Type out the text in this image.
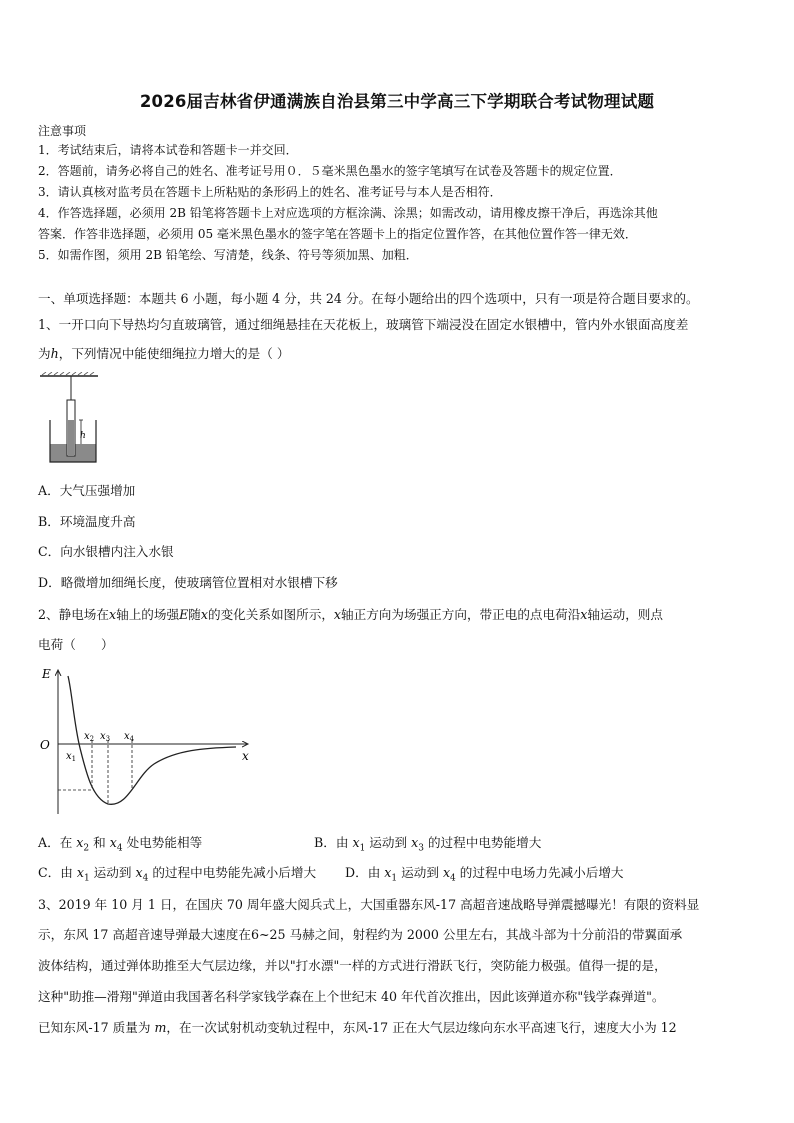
2026届吉林省伊通满族自治县第三中学高三下学期联合考试物理试题
注意事项
1．考试结束后，请将本试卷和答题卡一并交回．
2．答题前，请务必将自己的姓名、准考证号用０．５毫米黑色墨水的签字笔填写在试卷及答题卡的规定位置．
3．请认真核对监考员在答题卡上所粘贴的条形码上的姓名、准考证号与本人是否相符．
4．作答选择题，必须用 2B 铅笔将答题卡上对应选项的方框涂满、涂黑；如需改动，请用橡皮擦干净后，再选涂其他
答案．作答非选择题，必须用 05 毫米黑色墨水的签字笔在答题卡上的指定位置作答，在其他位置作答一律无效．
5．如需作图，须用 2B 铅笔绘、写清楚，线条、符号等须加黑、加粗．
一、单项选择题：本题共 6 小题，每小题 4 分，共 24 分。在每小题给出的四个选项中，只有一项是符合题目要求的。
1、一开口向下导热均匀直玻璃管，通过细绳悬挂在天花板上，玻璃管下端浸没在固定水银槽中，管内外水银面高度差
为h，下列情况中能使细绳拉力增大的是（ ）
h
A．大气压强增加
B．环境温度升高
C．向水银槽内注入水银
D．略微增加细绳长度，使玻璃管位置相对水银槽下移
2、静电场在x轴上的场强E随x的变化关系如图所示，x轴正方向为场强正方向，带正电的点电荷沿x轴运动，则点
电荷（　　）
E
O
x
$x_1$
$x_2$ $x_3$ $x_4$
A．在 $x_2$ 和 $x_4$ 处电势能相等	B．由 $x_1$ 运动到 $x_3$ 的过程中电势能增大
C．由 $x_1$ 运动到 $x_4$ 的过程中电势能先减小后增大 D．由 $x_1$ 运动到 $x_4$ 的过程中电场力先减小后增大
3、2019 年 10 月 1 日，在国庆 70 周年盛大阅兵式上，大国重器东风-17 高超音速战略导弹震撼曝光！有限的资料显
示，东风 17 高超音速导弹最大速度在6~25 马赫之间，射程约为 2000 公里左右，其战斗部为十分前沿的带翼面承
波体结构，通过弹体助推至大气层边缘，并以"打水漂"一样的方式进行滑跃飞行，突防能力极强。值得一提的是，
这种"助推—滑翔"弹道由我国著名科学家钱学森在上个世纪末 40 年代首次推出，因此该弹道亦称"钱学森弹道"。
已知东风-17 质量为 m，在一次试射机动变轨过程中，东风-17 正在大气层边缘向东水平高速飞行，速度大小为 12
